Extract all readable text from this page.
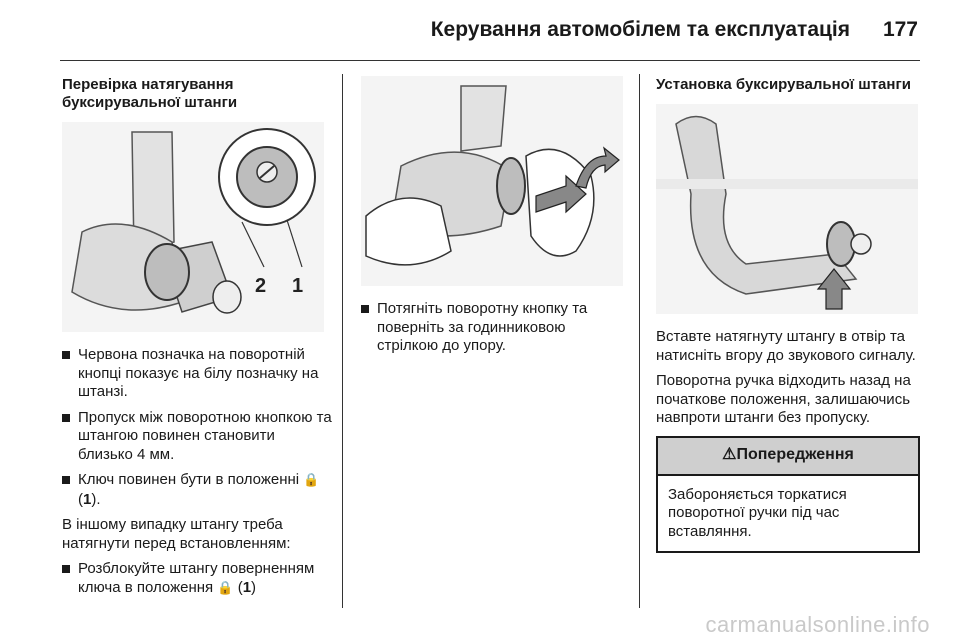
Керування автомобілем та експлуатація 177
Перевірка натягування буксирувальної штанги
2 1
Червона позначка на поворотній кнопці показує на білу позначку на штанзі.
Пропуск між поворотною кнопкою та штангою повинен становити близько 4 мм.
Ключ повинен бути в положенні 🔒 (1).

В іншому випадку штангу треба натягнути перед встановленням:

Розблокуйте штангу поверненням ключа в положення 🔒 (1)
Потягніть поворотну кнопку та поверніть за годинниковою стрілкою до упору.
Установка буксирувальної штанги

Вставте натягнуту штангу в отвір та натисніть вгору до звукового сигналу.

Поворотна ручка відходить назад на початкове положення, залишаючись навпроти штанги без пропуску.

⚠ Попередження
Забороняється торкатися поворотної ручки під час вставляння.
carmanualsonline.info
